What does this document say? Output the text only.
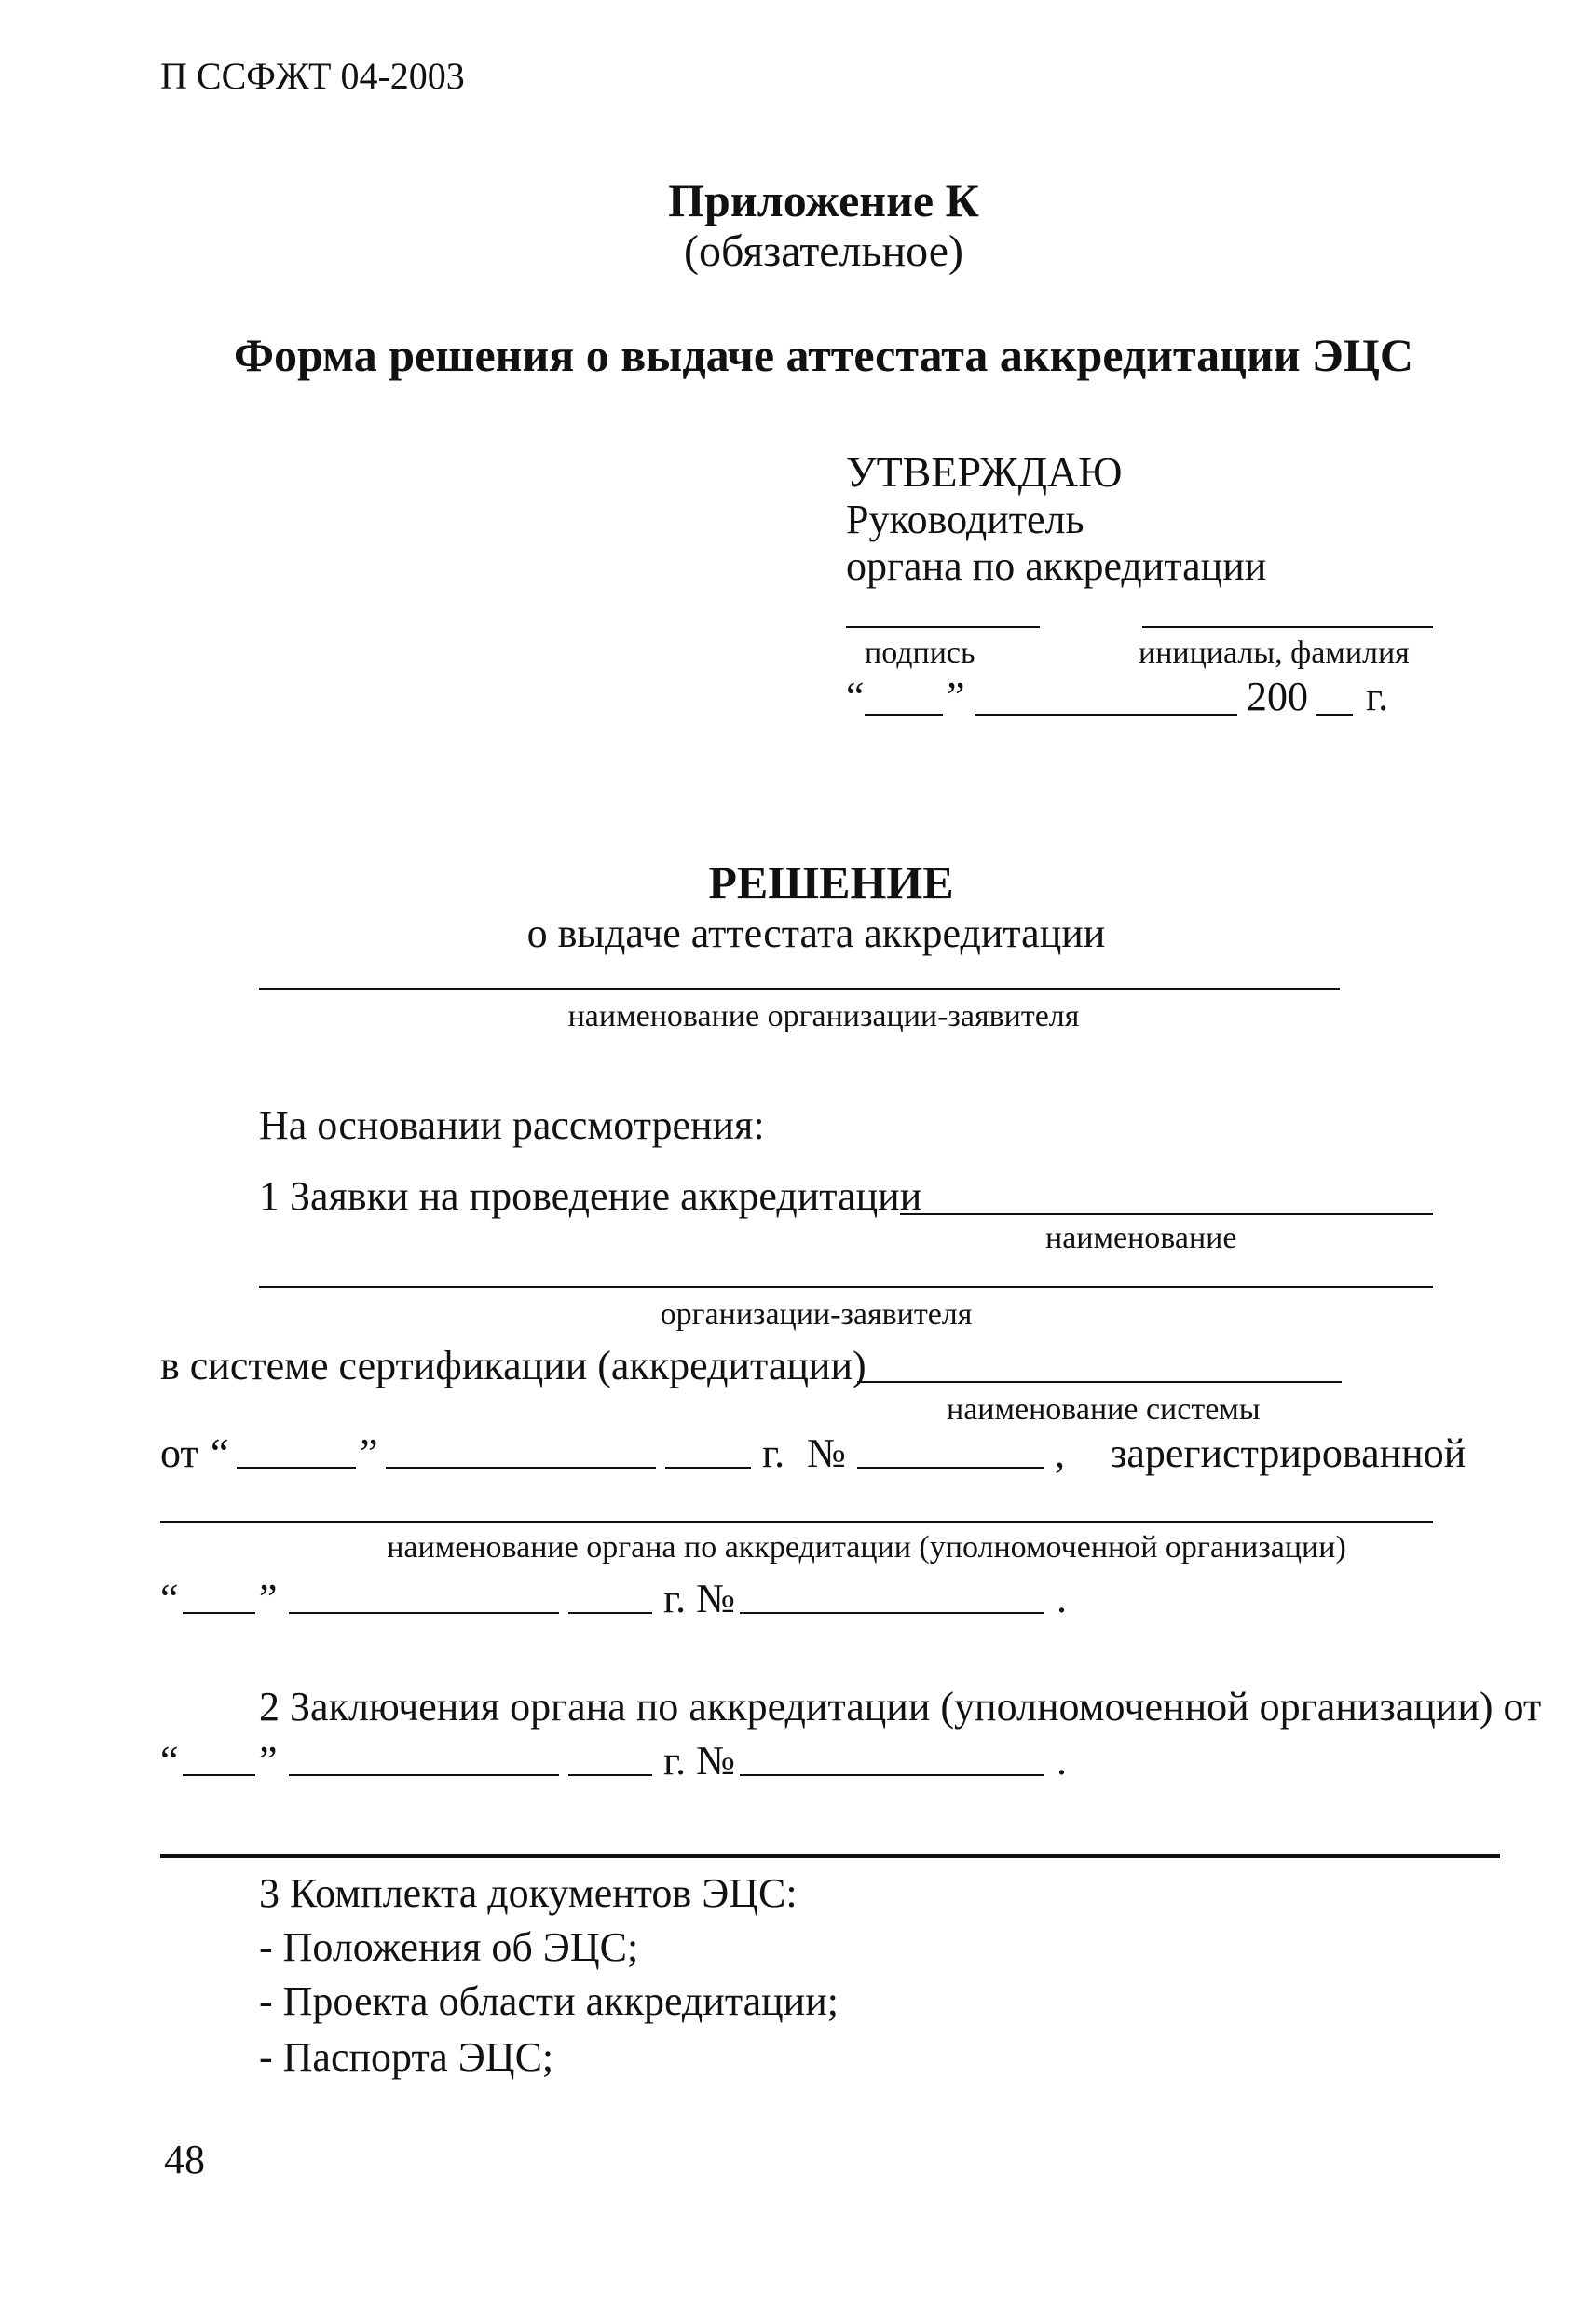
П ССФЖТ 04-2003
Приложение К
(обязательное)
Форма решения о выдаче аттестата аккредитации ЭЦС
УТВЕРЖДАЮ
Руководитель
органа по аккредитации
подпись	инициалы, фамилия
“ ”	200 г.
РЕШЕНИЕ
о выдаче аттестата аккредитации
наименование организации-заявителя
На основании рассмотрения:
1 Заявки на проведение аккредитации
наименование
организации-заявителя
в системе сертификации (аккредитации)
наименование системы
от “	”	г. №	, зарегистрированной
наименование органа по аккредитации (уполномоченной организации)
“ ”	г. №	.
2 Заключения органа по аккредитации (уполномоченной организации) от
“ ”	г. №	.
3 Комплекта документов ЭЦС:
- Положения об ЭЦС;
- Проекта области аккредитации;
- Паспорта ЭЦС;
48
